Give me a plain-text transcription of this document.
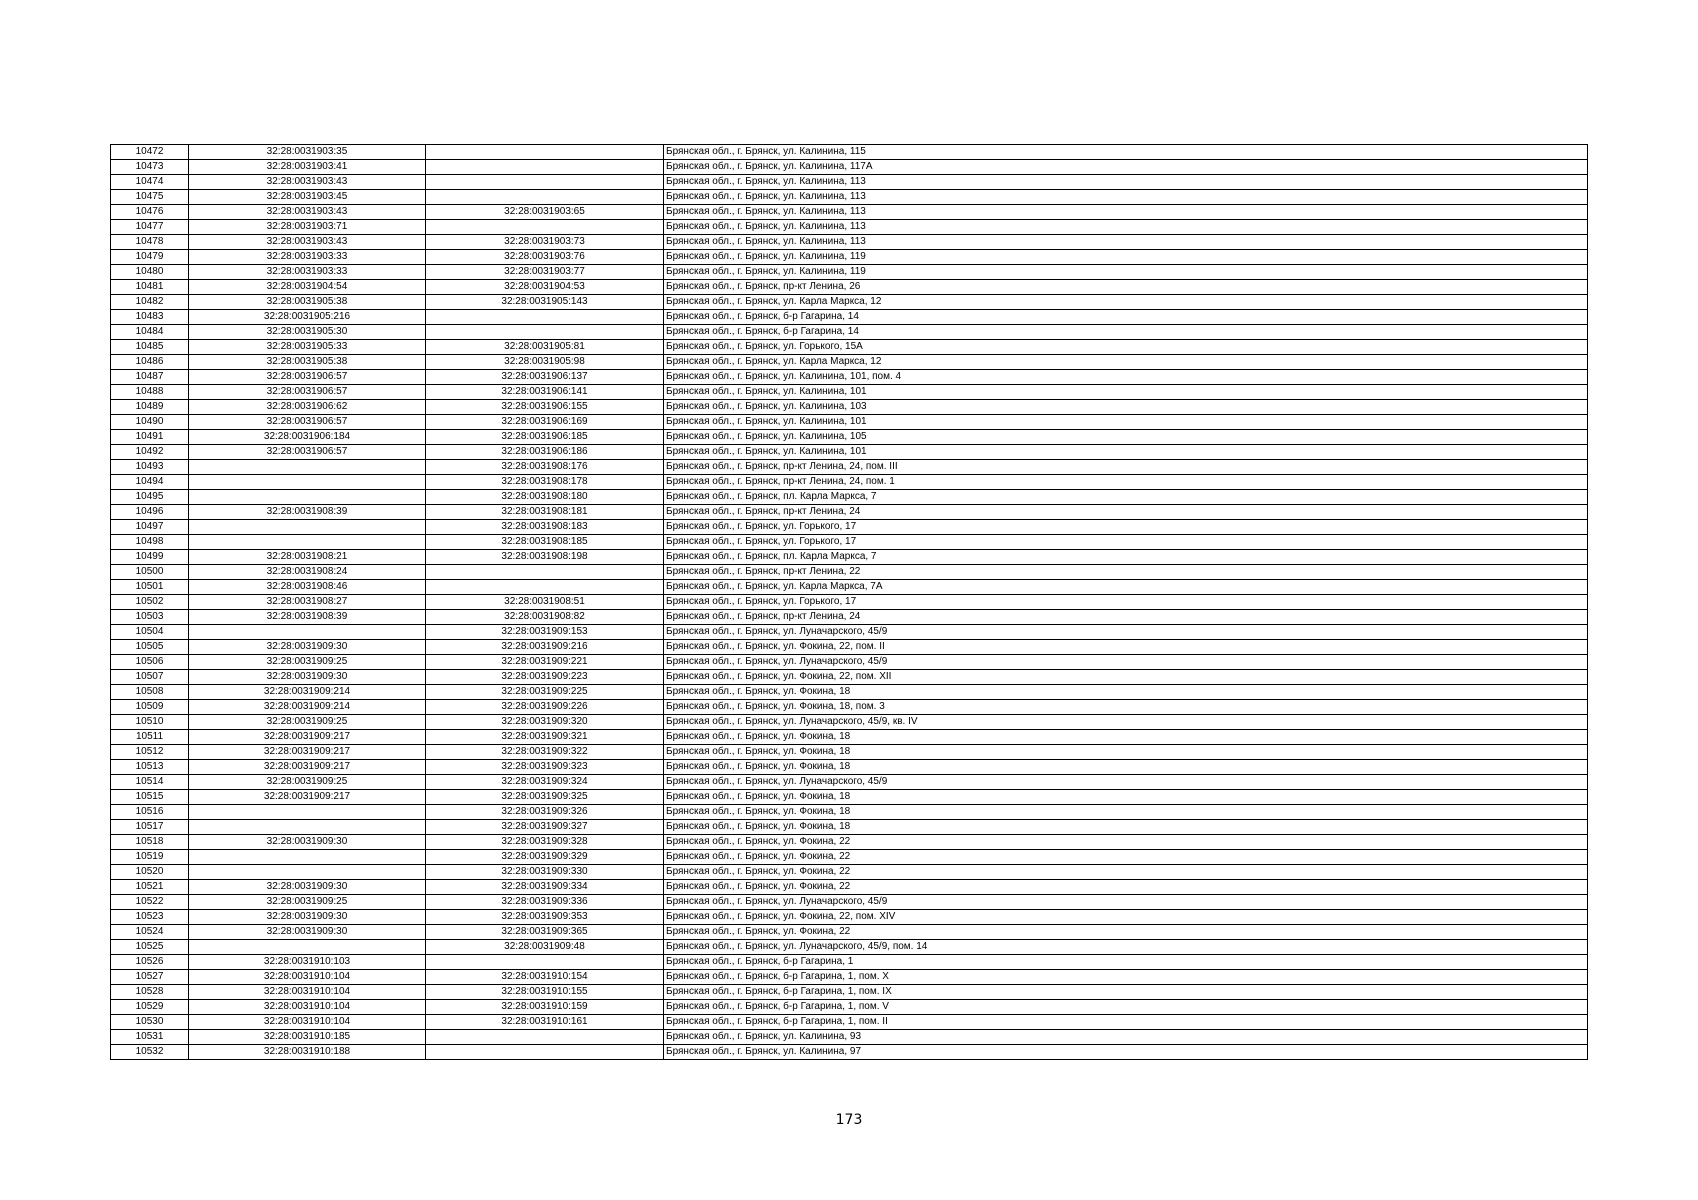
10472	32:28:0031903:35		Брянская обл., г. Брянск, ул. Калинина, 115
10473	32:28:0031903:41		Брянская обл., г. Брянск, ул. Калинина, 117А
10474	32:28:0031903:43		Брянская обл., г. Брянск, ул. Калинина, 113
10475	32:28:0031903:45		Брянская обл., г. Брянск, ул. Калинина, 113
10476	32:28:0031903:43	32:28:0031903:65	Брянская обл., г. Брянск, ул. Калинина, 113
10477	32:28:0031903:71		Брянская обл., г. Брянск, ул. Калинина, 113
10478	32:28:0031903:43	32:28:0031903:73	Брянская обл., г. Брянск, ул. Калинина, 113
10479	32:28:0031903:33	32:28:0031903:76	Брянская обл., г. Брянск, ул. Калинина, 119
10480	32:28:0031903:33	32:28:0031903:77	Брянская обл., г. Брянск, ул. Калинина, 119
10481	32:28:0031904:54	32:28:0031904:53	Брянская обл., г. Брянск, пр-кт Ленина, 26
10482	32:28:0031905:38	32:28:0031905:143	Брянская обл., г. Брянск, ул. Карла Маркса, 12
10483	32:28:0031905:216		Брянская обл., г. Брянск, б-р Гагарина, 14
10484	32:28:0031905:30		Брянская обл., г. Брянск, б-р Гагарина, 14
10485	32:28:0031905:33	32:28:0031905:81	Брянская обл., г. Брянск, ул. Горького, 15А
10486	32:28:0031905:38	32:28:0031905:98	Брянская обл., г. Брянск, ул. Карла Маркса, 12
10487	32:28:0031906:57	32:28:0031906:137	Брянская обл., г. Брянск, ул. Калинина, 101, пом. 4
10488	32:28:0031906:57	32:28:0031906:141	Брянская обл., г. Брянск, ул. Калинина, 101
10489	32:28:0031906:62	32:28:0031906:155	Брянская обл., г. Брянск, ул. Калинина, 103
10490	32:28:0031906:57	32:28:0031906:169	Брянская обл., г. Брянск, ул. Калинина, 101
10491	32:28:0031906:184	32:28:0031906:185	Брянская обл., г. Брянск, ул. Калинина, 105
10492	32:28:0031906:57	32:28:0031906:186	Брянская обл., г. Брянск, ул. Калинина, 101
10493		32:28:0031908:176	Брянская обл., г. Брянск, пр-кт Ленина, 24, пом. III
10494		32:28:0031908:178	Брянская обл., г. Брянск, пр-кт Ленина, 24, пом. 1
10495		32:28:0031908:180	Брянская обл., г. Брянск, пл. Карла Маркса, 7
10496	32:28:0031908:39	32:28:0031908:181	Брянская обл., г. Брянск, пр-кт Ленина, 24
10497		32:28:0031908:183	Брянская обл., г. Брянск, ул. Горького, 17
10498		32:28:0031908:185	Брянская обл., г. Брянск, ул. Горького, 17
10499	32:28:0031908:21	32:28:0031908:198	Брянская обл., г. Брянск, пл. Карла Маркса, 7
10500	32:28:0031908:24		Брянская обл., г. Брянск, пр-кт Ленина, 22
10501	32:28:0031908:46		Брянская обл., г. Брянск, ул. Карла Маркса, 7А
10502	32:28:0031908:27	32:28:0031908:51	Брянская обл., г. Брянск, ул. Горького, 17
10503	32:28:0031908:39	32:28:0031908:82	Брянская обл., г. Брянск, пр-кт Ленина, 24
10504		32:28:0031909:153	Брянская обл., г. Брянск, ул. Луначарского, 45/9
10505	32:28:0031909:30	32:28:0031909:216	Брянская обл., г. Брянск, ул. Фокина, 22, пом. II
10506	32:28:0031909:25	32:28:0031909:221	Брянская обл., г. Брянск, ул. Луначарского, 45/9
10507	32:28:0031909:30	32:28:0031909:223	Брянская обл., г. Брянск, ул. Фокина, 22, пом. XII
10508	32:28:0031909:214	32:28:0031909:225	Брянская обл., г. Брянск, ул. Фокина, 18
10509	32:28:0031909:214	32:28:0031909:226	Брянская обл., г. Брянск, ул. Фокина, 18, пом. 3
10510	32:28:0031909:25	32:28:0031909:320	Брянская обл., г. Брянск, ул. Луначарского, 45/9, кв. IV
10511	32:28:0031909:217	32:28:0031909:321	Брянская обл., г. Брянск, ул. Фокина, 18
10512	32:28:0031909:217	32:28:0031909:322	Брянская обл., г. Брянск, ул. Фокина, 18
10513	32:28:0031909:217	32:28:0031909:323	Брянская обл., г. Брянск, ул. Фокина, 18
10514	32:28:0031909:25	32:28:0031909:324	Брянская обл., г. Брянск, ул. Луначарского, 45/9
10515	32:28:0031909:217	32:28:0031909:325	Брянская обл., г. Брянск, ул. Фокина, 18
10516		32:28:0031909:326	Брянская обл., г. Брянск, ул. Фокина, 18
10517		32:28:0031909:327	Брянская обл., г. Брянск, ул. Фокина, 18
10518	32:28:0031909:30	32:28:0031909:328	Брянская обл., г. Брянск, ул. Фокина, 22
10519		32:28:0031909:329	Брянская обл., г. Брянск, ул. Фокина, 22
10520		32:28:0031909:330	Брянская обл., г. Брянск, ул. Фокина, 22
10521	32:28:0031909:30	32:28:0031909:334	Брянская обл., г. Брянск, ул. Фокина, 22
10522	32:28:0031909:25	32:28:0031909:336	Брянская обл., г. Брянск, ул. Луначарского, 45/9
10523	32:28:0031909:30	32:28:0031909:353	Брянская обл., г. Брянск, ул. Фокина, 22, пом. XIV
10524	32:28:0031909:30	32:28:0031909:365	Брянская обл., г. Брянск, ул. Фокина, 22
10525		32:28:0031909:48	Брянская обл., г. Брянск, ул. Луначарского, 45/9, пом. 14
10526	32:28:0031910:103		Брянская обл., г. Брянск, б-р Гагарина, 1
10527	32:28:0031910:104	32:28:0031910:154	Брянская обл., г. Брянск, б-р Гагарина, 1, пом. X
10528	32:28:0031910:104	32:28:0031910:155	Брянская обл., г. Брянск, б-р Гагарина, 1, пом. IX
10529	32:28:0031910:104	32:28:0031910:159	Брянская обл., г. Брянск, б-р Гагарина, 1, пом. V
10530	32:28:0031910:104	32:28:0031910:161	Брянская обл., г. Брянск, б-р Гагарина, 1, пом. II
10531	32:28:0031910:185		Брянская обл., г. Брянск, ул. Калинина, 93
10532	32:28:0031910:188		Брянская обл., г. Брянск, ул. Калинина, 97
173
